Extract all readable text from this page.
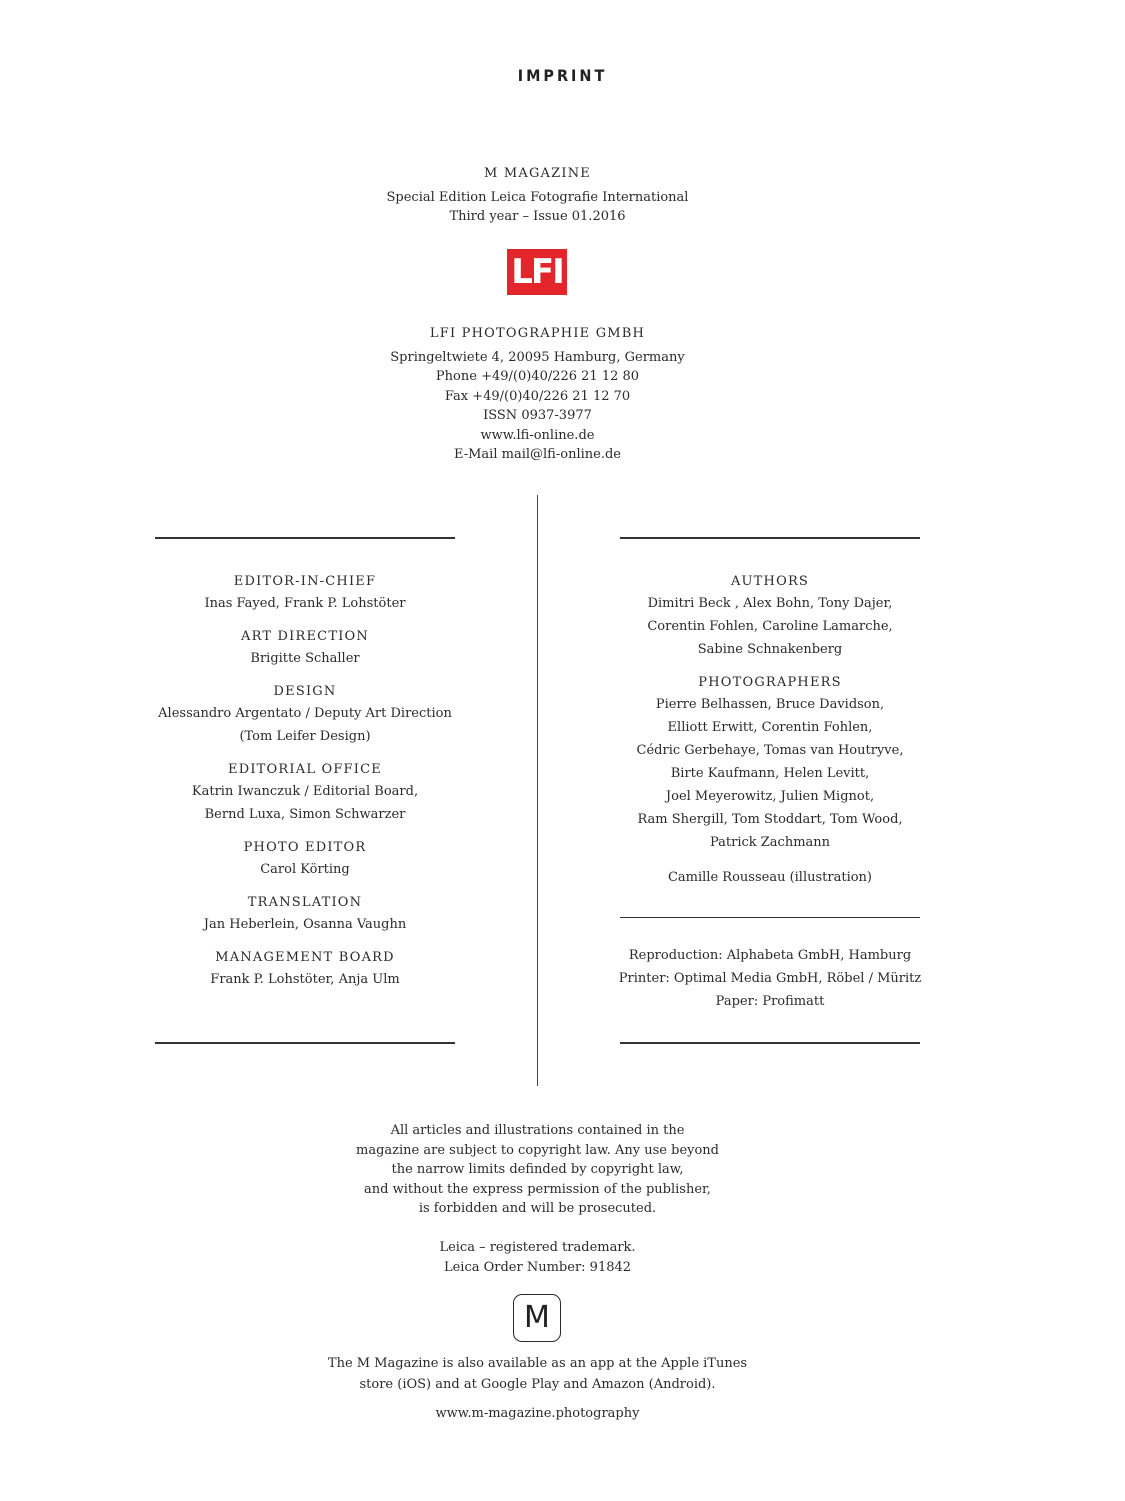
IMPRINT
M MAGAZINE
Special Edition Leica Fotografie International
Third year – Issue 01.2016
LFI
LFI PHOTOGRAPHIE GMBH
Springeltwiete 4, 20095 Hamburg, Germany
Phone +49/(0)40/226 21 12 80
Fax +49/(0)40/226 21 12 70
ISSN 0937-3977
www.lfi-online.de
E-Mail mail@lfi-online.de
EDITOR-IN-CHIEF
Inas Fayed, Frank P. Lohstöter
ART DIRECTION
Brigitte Schaller
DESIGN
Alessandro Argentato / Deputy Art Direction
(Tom Leifer Design)
EDITORIAL OFFICE
Katrin Iwanczuk / Editorial Board,
Bernd Luxa, Simon Schwarzer
PHOTO EDITOR
Carol Körting
TRANSLATION
Jan Heberlein, Osanna Vaughn
MANAGEMENT BOARD
Frank P. Lohstöter, Anja Ulm
AUTHORS
Dimitri Beck , Alex Bohn, Tony Dajer,
Corentin Fohlen, Caroline Lamarche,
Sabine Schnakenberg
PHOTOGRAPHERS
Pierre Belhassen, Bruce Davidson,
Elliott Erwitt, Corentin Fohlen,
Cédric Gerbehaye, Tomas van Houtryve,
Birte Kaufmann, Helen Levitt,
Joel Meyerowitz, Julien Mignot,
Ram Shergill, Tom Stoddart, Tom Wood,
Patrick Zachmann
Camille Rousseau (illustration)
Reproduction: Alphabeta GmbH, Hamburg
Printer: Optimal Media GmbH, Röbel / Müritz
Paper: Profimatt
All articles and illustrations contained in the
magazine are subject to copyright law. Any use beyond
the narrow limits definded by copyright law,
and without the express permission of the publisher,
is forbidden and will be prosecuted.
Leica – registered trademark.
Leica Order Number: 91842
M
The M Magazine is also available as an app at the Apple iTunes
store (iOS) and at Google Play and Amazon (Android).
www.m-magazine.photography
